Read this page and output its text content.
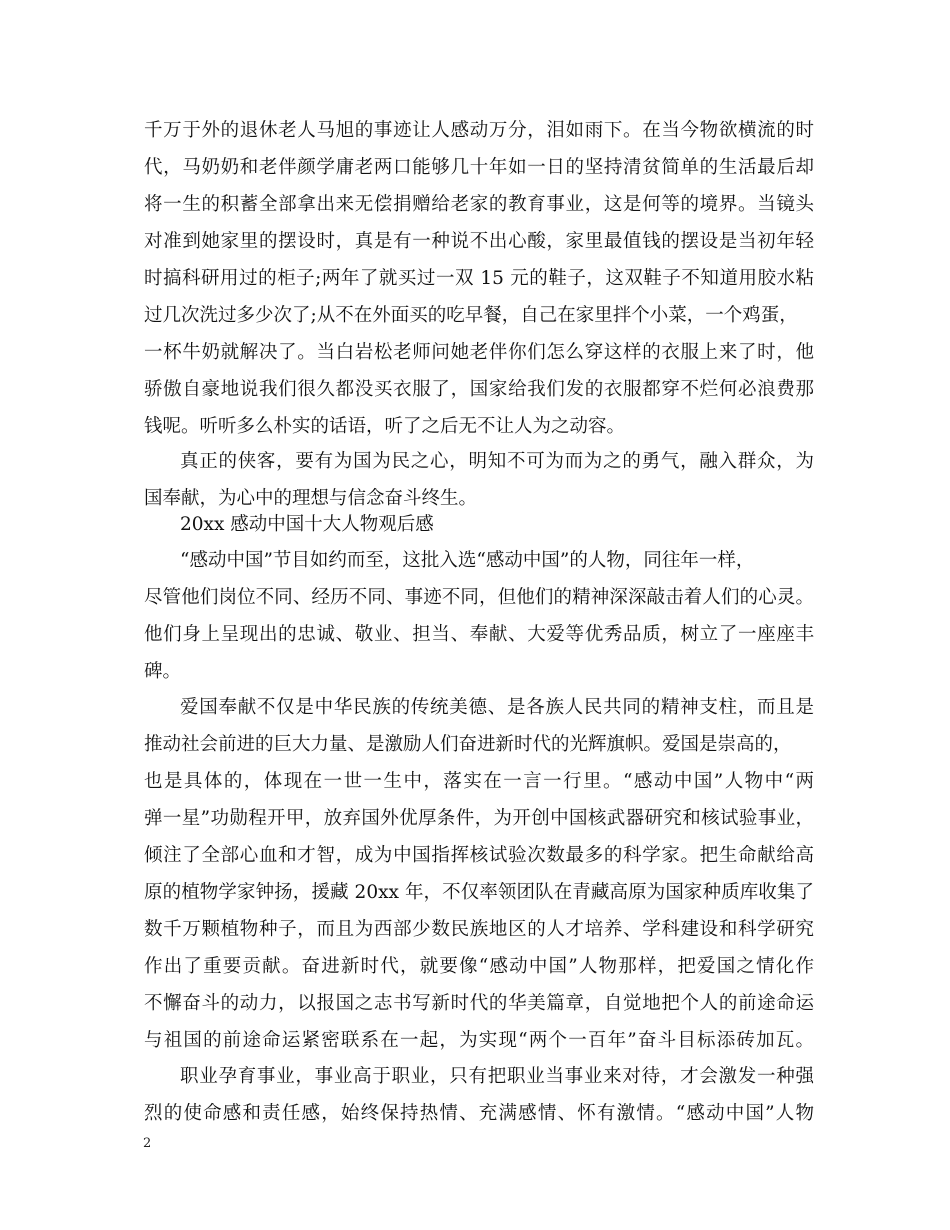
千万于外的退休老人马旭的事迹让人感动万分，泪如雨下。在当今物欲横流的时
代，马奶奶和老伴颜学庸老两口能够几十年如一日的坚持清贫简单的生活最后却
将一生的积蓄全部拿出来无偿捐赠给老家的教育事业，这是何等的境界。当镜头
对准到她家里的摆设时，真是有一种说不出心酸，家里最值钱的摆设是当初年轻
时搞科研用过的柜子;两年了就买过一双 15 元的鞋子，这双鞋子不知道用胶水粘
过几次洗过多少次了;从不在外面买的吃早餐，自己在家里拌个小菜，一个鸡蛋，
一杯牛奶就解决了。当白岩松老师问她老伴你们怎么穿这样的衣服上来了时，他
骄傲自豪地说我们很久都没买衣服了，国家给我们发的衣服都穿不烂何必浪费那
钱呢。听听多么朴实的话语，听了之后无不让人为之动容。
真正的侠客，要有为国为民之心，明知不可为而为之的勇气，融入群众，为
国奉献，为心中的理想与信念奋斗终生。
20xx 感动中国十大人物观后感
“感动中国”节目如约而至，这批入选“感动中国”的人物，同往年一样，
尽管他们岗位不同、经历不同、事迹不同，但他们的精神深深敲击着人们的心灵。
他们身上呈现出的忠诚、敬业、担当、奉献、大爱等优秀品质，树立了一座座丰
碑。
爱国奉献不仅是中华民族的传统美德、是各族人民共同的精神支柱，而且是
推动社会前进的巨大力量、是激励人们奋进新时代的光辉旗帜。爱国是崇高的，
也是具体的，体现在一世一生中，落实在一言一行里。“感动中国”人物中“两
弹一星”功勋程开甲，放弃国外优厚条件，为开创中国核武器研究和核试验事业，
倾注了全部心血和才智，成为中国指挥核试验次数最多的科学家。把生命献给高
原的植物学家钟扬，援藏 20xx 年，不仅率领团队在青藏高原为国家种质库收集了
数千万颗植物种子，而且为西部少数民族地区的人才培养、学科建设和科学研究
作出了重要贡献。奋进新时代，就要像“感动中国”人物那样，把爱国之情化作
不懈奋斗的动力，以报国之志书写新时代的华美篇章，自觉地把个人的前途命运
与祖国的前途命运紧密联系在一起，为实现“两个一百年”奋斗目标添砖加瓦。
职业孕育事业，事业高于职业，只有把职业当事业来对待，才会激发一种强
烈的使命感和责任感，始终保持热情、充满感情、怀有激情。“感动中国”人物
2
